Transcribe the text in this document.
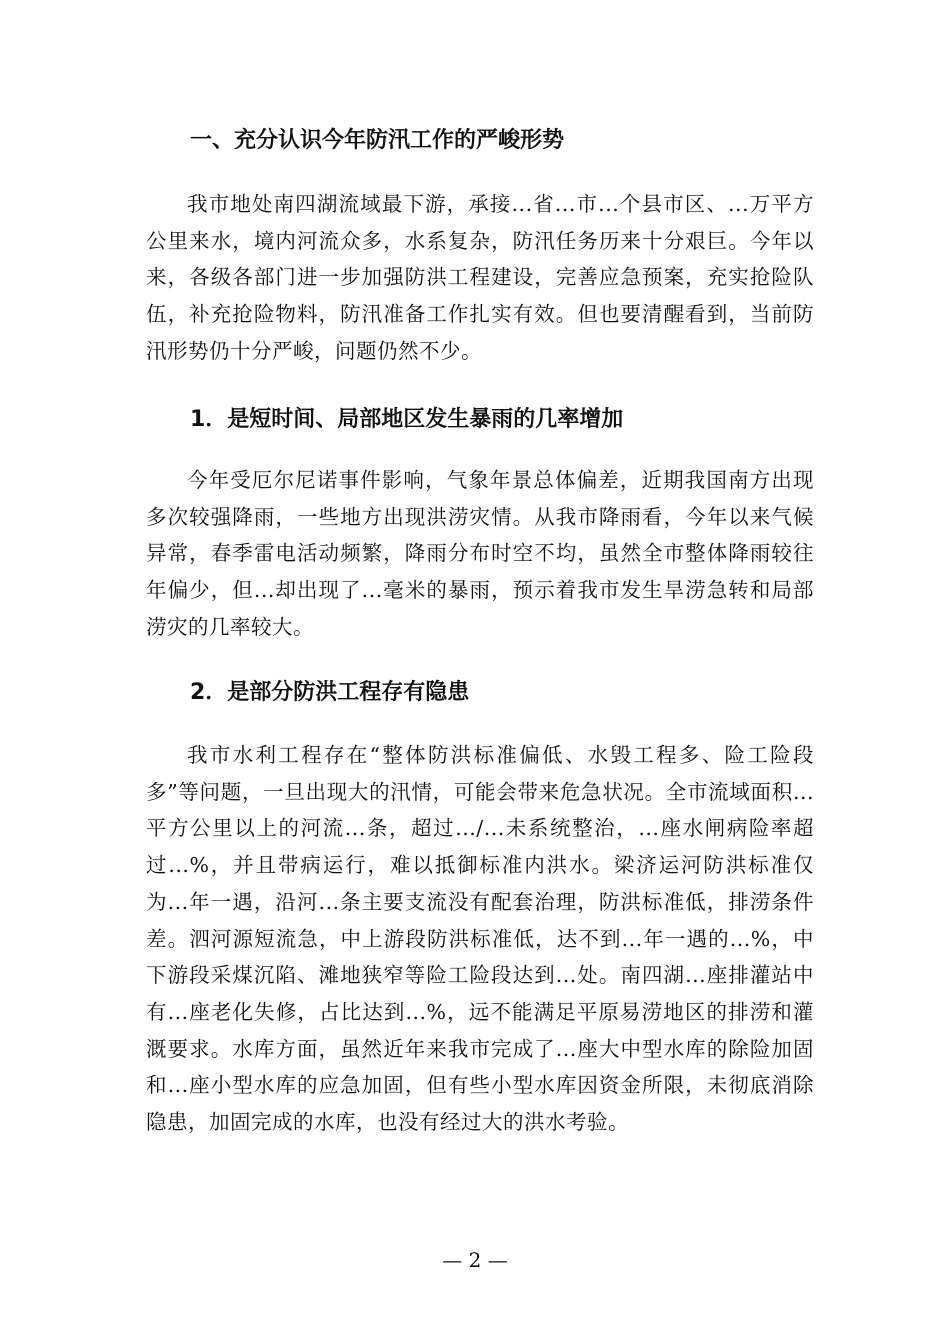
一、充分认识今年防汛工作的严峻形势

我市地处南四湖流域最下游，承接...省...市...个县市区、...万平方公里来水，境内河流众多，水系复杂，防汛任务历来十分艰巨。今年以来，各级各部门进一步加强防洪工程建设，完善应急预案，充实抢险队伍，补充抢险物料，防汛准备工作扎实有效。但也要清醒看到，当前防汛形势仍十分严峻，问题仍然不少。

1．是短时间、局部地区发生暴雨的几率增加

今年受厄尔尼诺事件影响，气象年景总体偏差，近期我国南方出现多次较强降雨，一些地方出现洪涝灾情。从我市降雨看，今年以来气候异常，春季雷电活动频繁，降雨分布时空不均，虽然全市整体降雨较往年偏少，但...却出现了...毫米的暴雨，预示着我市发生旱涝急转和局部涝灾的几率较大。

2．是部分防洪工程存有隐患

我市水利工程存在“整体防洪标准偏低、水毁工程多、险工险段多”等问题，一旦出现大的汛情，可能会带来危急状况。全市流域面积...平方公里以上的河流...条，超过.../...未系统整治，...座水闸病险率超过...%，并且带病运行，难以抵御标准内洪水。梁济运河防洪标准仅为...年一遇，沿河...条主要支流没有配套治理，防洪标准低，排涝条件差。泗河源短流急，中上游段防洪标准低，达不到...年一遇的...%，中下游段采煤沉陷、滩地狭窄等险工险段达到...处。南四湖...座排灌站中有...座老化失修，占比达到...%，远不能满足平原易涝地区的排涝和灌溉要求。水库方面，虽然近年来我市完成了...座大中型水库的除险加固和...座小型水库的应急加固，但有些小型水库因资金所限，未彻底消除隐患，加固完成的水库，也没有经过大的洪水考验。

— 2 —
